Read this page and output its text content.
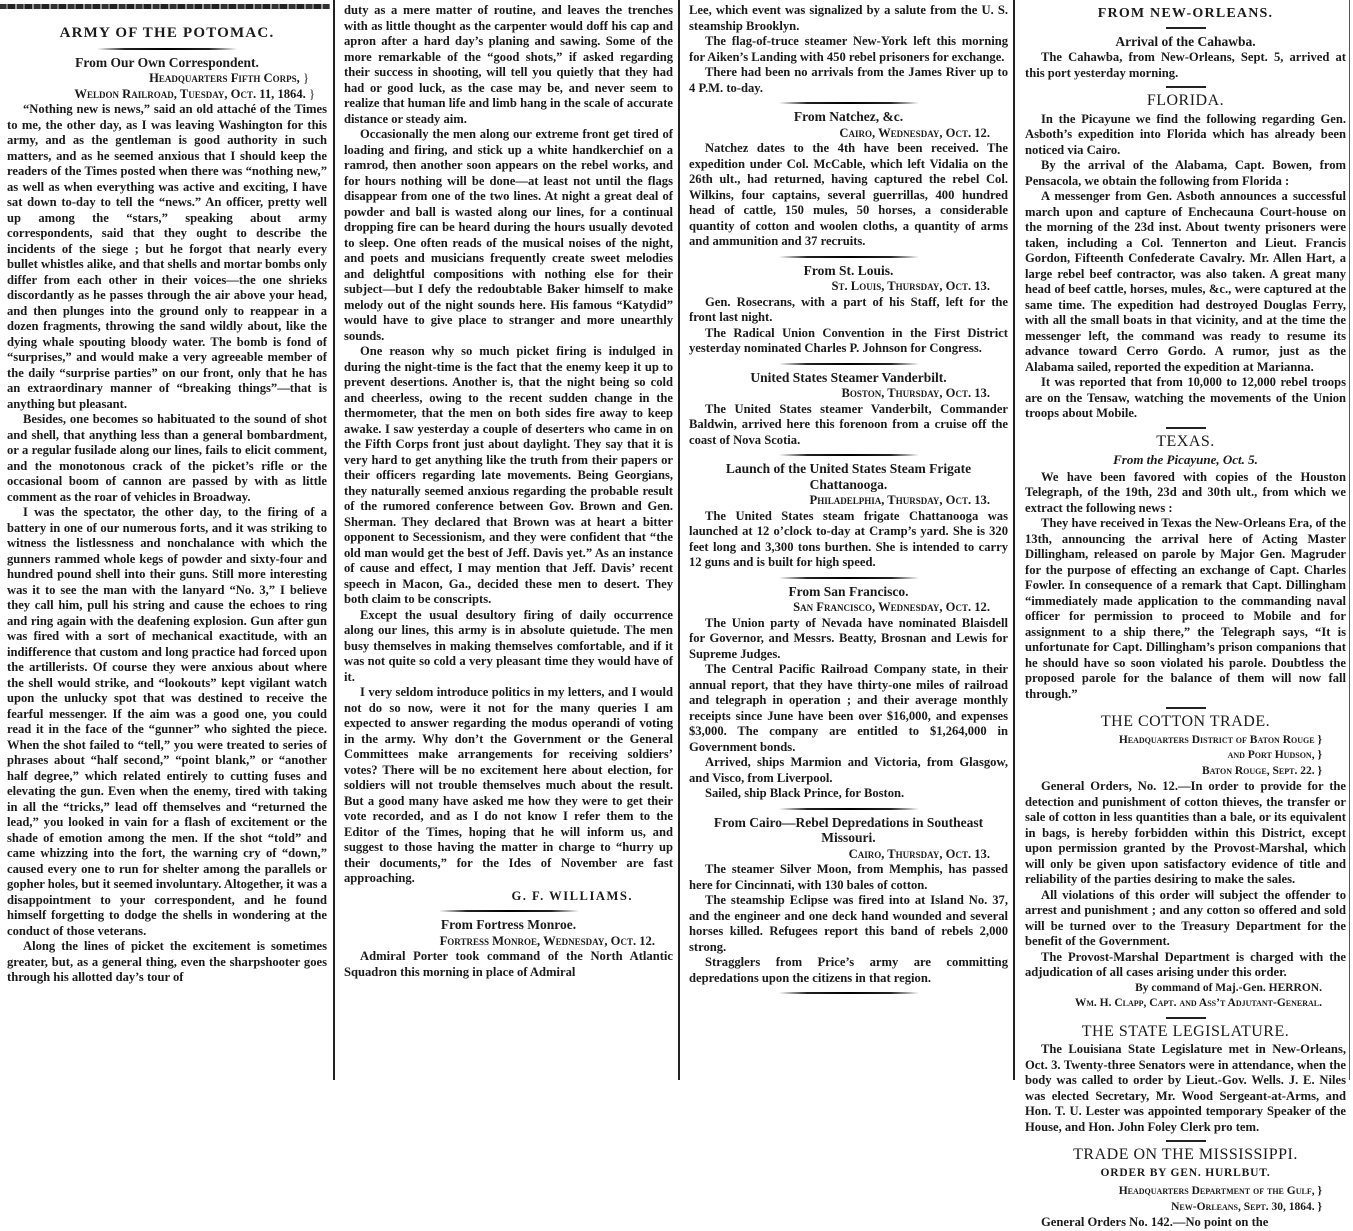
ARMY OF THE POTOMAC.
From Our Own Correspondent.
Headquarters Fifth Corps, }
Weldon Railroad, Tuesday, Oct. 11, 1864. }

“Nothing new is news,” said an old attaché of the Times to me, the other day, as I was leaving Washington for this army, and as the gentleman is good authority in such matters, and as he seemed anxious that I should keep the readers of the Times posted when there was “nothing new,” as well as when everything was active and exciting, I have sat down to-day to tell the “news.” An officer, pretty well up among the “stars,” speaking about army correspondents, said that they ought to describe the incidents of the siege ; but he forgot that nearly every bullet whistles alike, and that shells and mortar bombs only differ from each other in their voices—the one shrieks discordantly as he passes through the air above your head, and then plunges into the ground only to reappear in a dozen fragments, throwing the sand wildly about, like the dying whale spouting bloody water. The bomb is fond of “surprises,” and would make a very agreeable member of the daily “surprise parties” on our front, only that he has an extraordinary manner of “breaking things”—that is anything but pleasant.

Besides, one becomes so habituated to the sound of shot and shell, that anything less than a general bombardment, or a regular fusilade along our lines, fails to elicit comment, and the monotonous crack of the picket’s rifle or the occasional boom of cannon are passed by with as little comment as the roar of vehicles in Broadway.

I was the spectator, the other day, to the firing of a battery in one of our numerous forts, and it was striking to witness the listlessness and nonchalance with which the gunners rammed whole kegs of powder and sixty-four and hundred pound shell into their guns. Still more interesting was it to see the man with the lanyard “No. 3,” I believe they call him, pull his string and cause the echoes to ring and ring again with the deafening explosion. Gun after gun was fired with a sort of mechanical exactitude, with an indifference that custom and long practice had forced upon the artillerists. Of course they were anxious about where the shell would strike, and “lookouts” kept vigilant watch upon the unlucky spot that was destined to receive the fearful messenger. If the aim was a good one, you could read it in the face of the “gunner” who sighted the piece. When the shot failed to “tell,” you were treated to series of phrases about “half second,” “point blank,” or “another half degree,” which related entirely to cutting fuses and elevating the gun. Even when the enemy, tired with taking in all the “tricks,” lead off themselves and “returned the lead,” you looked in vain for a flash of excitement or the shade of emotion among the men. If the shot “told” and came whizzing into the fort, the warning cry of “down,” caused every one to run for shelter among the parallels or gopher holes, but it seemed involuntary. Altogether, it was a disappointment to your correspondent, and he found himself forgetting to dodge the shells in wondering at the conduct of those veterans.

Along the lines of picket the excitement is sometimes greater, but, as a general thing, even the sharpshooter goes through his allotted day’s tour of

duty as a mere matter of routine, and leaves the trenches with as little thought as the carpenter would doff his cap and apron after a hard day’s planing and sawing. Some of the more remarkable of the “good shots,” if asked regarding their success in shooting, will tell you quietly that they had had or good luck, as the case may be, and never seem to realize that human life and limb hang in the scale of accurate distance or steady aim.

Occasionally the men along our extreme front get tired of loading and firing, and stick up a white handkerchief on a ramrod, then another soon appears on the rebel works, and for hours nothing will be done—at least not until the flags disappear from one of the two lines. At night a great deal of powder and ball is wasted along our lines, for a continual dropping fire can be heard during the hours usually devoted to sleep. One often reads of the musical noises of the night, and poets and musicians frequently create sweet melodies and delightful compositions with nothing else for their subject—but I defy the redoubtable Baker himself to make melody out of the night sounds here. His famous “Katydid” would have to give place to stranger and more unearthly sounds.

One reason why so much picket firing is indulged in during the night-time is the fact that the enemy keep it up to prevent desertions. Another is, that the night being so cold and cheerless, owing to the recent sudden change in the thermometer, that the men on both sides fire away to keep awake. I saw yesterday a couple of deserters who came in on the Fifth Corps front just about daylight. They say that it is very hard to get anything like the truth from their papers or their officers regarding late movements. Being Georgians, they naturally seemed anxious regarding the probable result of the rumored conference between Gov. Brown and Gen. Sherman. They declared that Brown was at heart a bitter opponent to Secessionism, and they were confident that “the old man would get the best of Jeff. Davis yet.” As an instance of cause and effect, I may mention that Jeff. Davis’ recent speech in Macon, Ga., decided these men to desert. They both claim to be conscripts.

Except the usual desultory firing of daily occurrence along our lines, this army is in absolute quietude. The men busy themselves in making themselves comfortable, and if it was not quite so cold a very pleasant time they would have of it.

I very seldom introduce politics in my letters, and I would not do so now, were it not for the many queries I am expected to answer regarding the modus operandi of voting in the army. Why don’t the Government or the General Committees make arrangements for receiving soldiers’ votes? There will be no excitement here about election, for soldiers will not trouble themselves much about the result. But a good many have asked me how they were to get their vote recorded, and as I do not know I refer them to the Editor of the Times, hoping that he will inform us, and suggest to those having the matter in charge to “hurry up their documents,” for the Ides of November are fast approaching.

G. F. WILLIAMS.
From Fortress Monroe.
Fortress Monroe, Wednesday, Oct. 12.

Admiral Porter took command of the North Atlantic Squadron this morning in place of Admiral

Lee, which event was signalized by a salute from the U. S. steamship Brooklyn.

The flag-of-truce steamer New-York left this morning for Aiken’s Landing with 450 rebel prisoners for exchange.

There had been no arrivals from the James River up to 4 P.M. to-day.

From Natchez, &c.
Cairo, Wednesday, Oct. 12.

Natchez dates to the 4th have been received. The expedition under Col. McCable, which left Vidalia on the 26th ult., had returned, having captured the rebel Col. Wilkins, four captains, several guerrillas, 400 hundred head of cattle, 150 mules, 50 horses, a considerable quantity of cotton and woolen cloths, a quantity of arms and ammunition and 37 recruits.

From St. Louis.
St. Louis, Thursday, Oct. 13.

Gen. Rosecrans, with a part of his Staff, left for the front last night.

The Radical Union Convention in the First District yesterday nominated Charles P. Johnson for Congress.

United States Steamer Vanderbilt.
Boston, Thursday, Oct. 13.

The United States steamer Vanderbilt, Commander Baldwin, arrived here this forenoon from a cruise off the coast of Nova Scotia.

Launch of the United States Steam Frigate Chattanooga.
Philadelphia, Thursday, Oct. 13.

The United States steam frigate Chattanooga was launched at 12 o’clock to-day at Cramp’s yard. She is 320 feet long and 3,300 tons burthen. She is intended to carry 12 guns and is built for high speed.

From San Francisco.
San Francisco, Wednesday, Oct. 12.

The Union party of Nevada have nominated Blaisdell for Governor, and Messrs. Beatty, Brosnan and Lewis for Supreme Judges.

The Central Pacific Railroad Company state, in their annual report, that they have thirty-one miles of railroad and telegraph in operation ; and their average monthly receipts since June have been over $16,000, and expenses $3,000. The company are entitled to $1,264,000 in Government bonds.

Arrived, ships Marmion and Victoria, from Glasgow, and Visco, from Liverpool.

Sailed, ship Black Prince, for Boston.

From Cairo—Rebel Depredations in Southeast Missouri.
Cairo, Thursday, Oct. 13.

The steamer Silver Moon, from Memphis, has passed here for Cincinnati, with 130 bales of cotton.

The steamship Eclipse was fired into at Island No. 37, and the engineer and one deck hand wounded and several horses killed. Refugees report this band of rebels 2,000 strong.

Stragglers from Price’s army are committing depredations upon the citizens in that region.

FROM NEW-ORLEANS.
Arrival of the Cahawba.

The Cahawba, from New-Orleans, Sept. 5, arrived at this port yesterday morning.

FLORIDA.

In the Picayune we find the following regarding Gen. Asboth’s expedition into Florida which has already been noticed via Cairo.

By the arrival of the Alabama, Capt. Bowen, from Pensacola, we obtain the following from Florida :

A messenger from Gen. Asboth announces a successful march upon and capture of Enchecauna Court-house on the morning of the 23d inst. About twenty prisoners were taken, including a Col. Tennerton and Lieut. Francis Gordon, Fifteenth Confederate Cavalry. Mr. Allen Hart, a large rebel beef contractor, was also taken. A great many head of beef cattle, horses, mules, &c., were captured at the same time. The expedition had destroyed Douglas Ferry, with all the small boats in that vicinity, and at the time the messenger left, the command was ready to resume its advance toward Cerro Gordo. A rumor, just as the Alabama sailed, reported the expedition at Marianna.

It was reported that from 10,000 to 12,000 rebel troops are on the Tensaw, watching the movements of the Union troops about Mobile.

TEXAS.
From the Picayune, Oct. 5.

We have been favored with copies of the Houston Telegraph, of the 19th, 23d and 30th ult., from which we extract the following news :

They have received in Texas the New-Orleans Era, of the 13th, announcing the arrival here of Acting Master Dillingham, released on parole by Major Gen. Magruder for the purpose of effecting an exchange of Capt. Charles Fowler. In consequence of a remark that Capt. Dillingham “immediately made application to the commanding naval officer for permission to proceed to Mobile and for assignment to a ship there,” the Telegraph says, “It is unfortunate for Capt. Dillingham’s prison companions that he should have so soon violated his parole. Doubtless the proposed parole for the balance of them will now fall through.”

THE COTTON TRADE.
Headquarters District of Baton Rouge }
and Port Hudson, }
Baton Rouge, Sept. 22. }

General Orders, No. 12.—In order to provide for the detection and punishment of cotton thieves, the transfer or sale of cotton in less quantities than a bale, or its equivalent in bags, is hereby forbidden within this District, except upon permission granted by the Provost-Marshal, which will only be given upon satisfactory evidence of title and reliability of the parties desiring to make the sales.

All violations of this order will subject the offender to arrest and punishment ; and any cotton so offered and sold will be turned over to the Treasury Department for the benefit of the Government.

The Provost-Marshal Department is charged with the adjudication of all cases arising under this order.

By command of Maj.-Gen. HERRON.
Wm. H. Clapp, Capt. and Ass’t Adjutant-General.
THE STATE LEGISLATURE.

The Louisiana State Legislature met in New-Orleans, Oct. 3. Twenty-three Senators were in attendance, when the body was called to order by Lieut.-Gov. Wells. J. E. Niles was elected Secretary, Mr. Wood Sergeant-at-Arms, and Hon. T. U. Lester was appointed temporary Speaker of the House, and Hon. John Foley Clerk pro tem.

TRADE ON THE MISSISSIPPI.
ORDER BY GEN. HURLBUT.
Headquarters Department of the Gulf, }
New-Orleans, Sept. 30, 1864. }

General Orders No. 142.—No point on the
